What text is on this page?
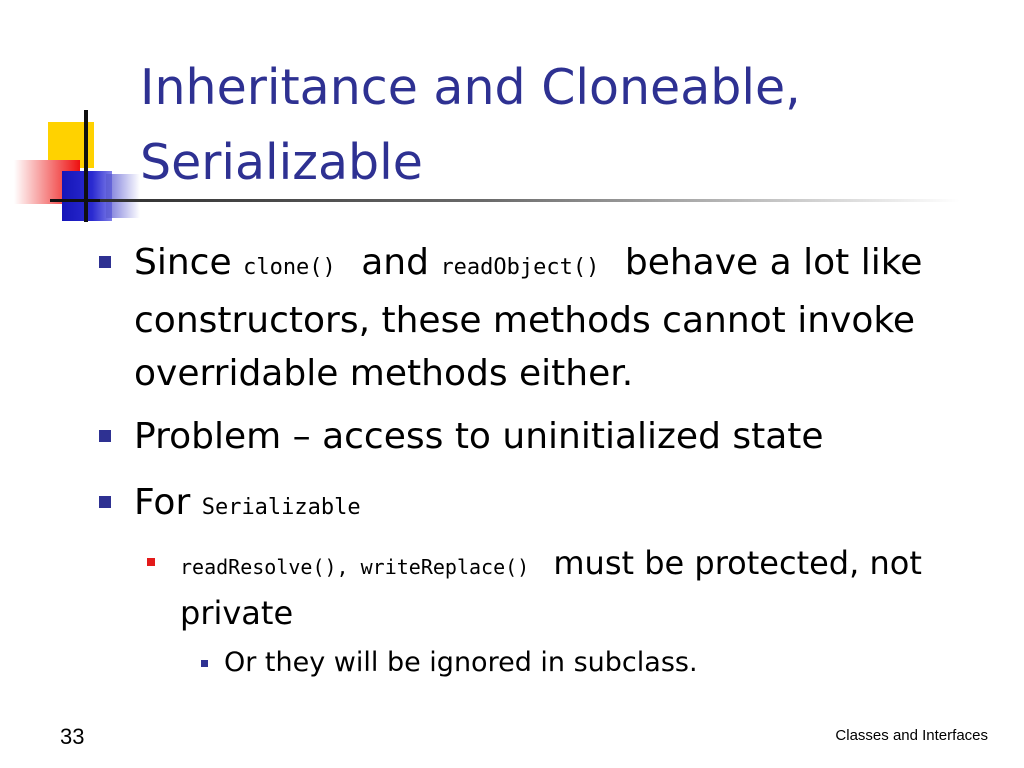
Inheritance and Cloneable,
Serializable
Since clone() and readObject() behave a lot like constructors, these methods cannot invoke overridable methods either.
Problem – access to uninitialized state
For Serializable
readResolve(), writeReplace() must be protected, not private
Or they will be ignored in subclass.
33	Classes and Interfaces
